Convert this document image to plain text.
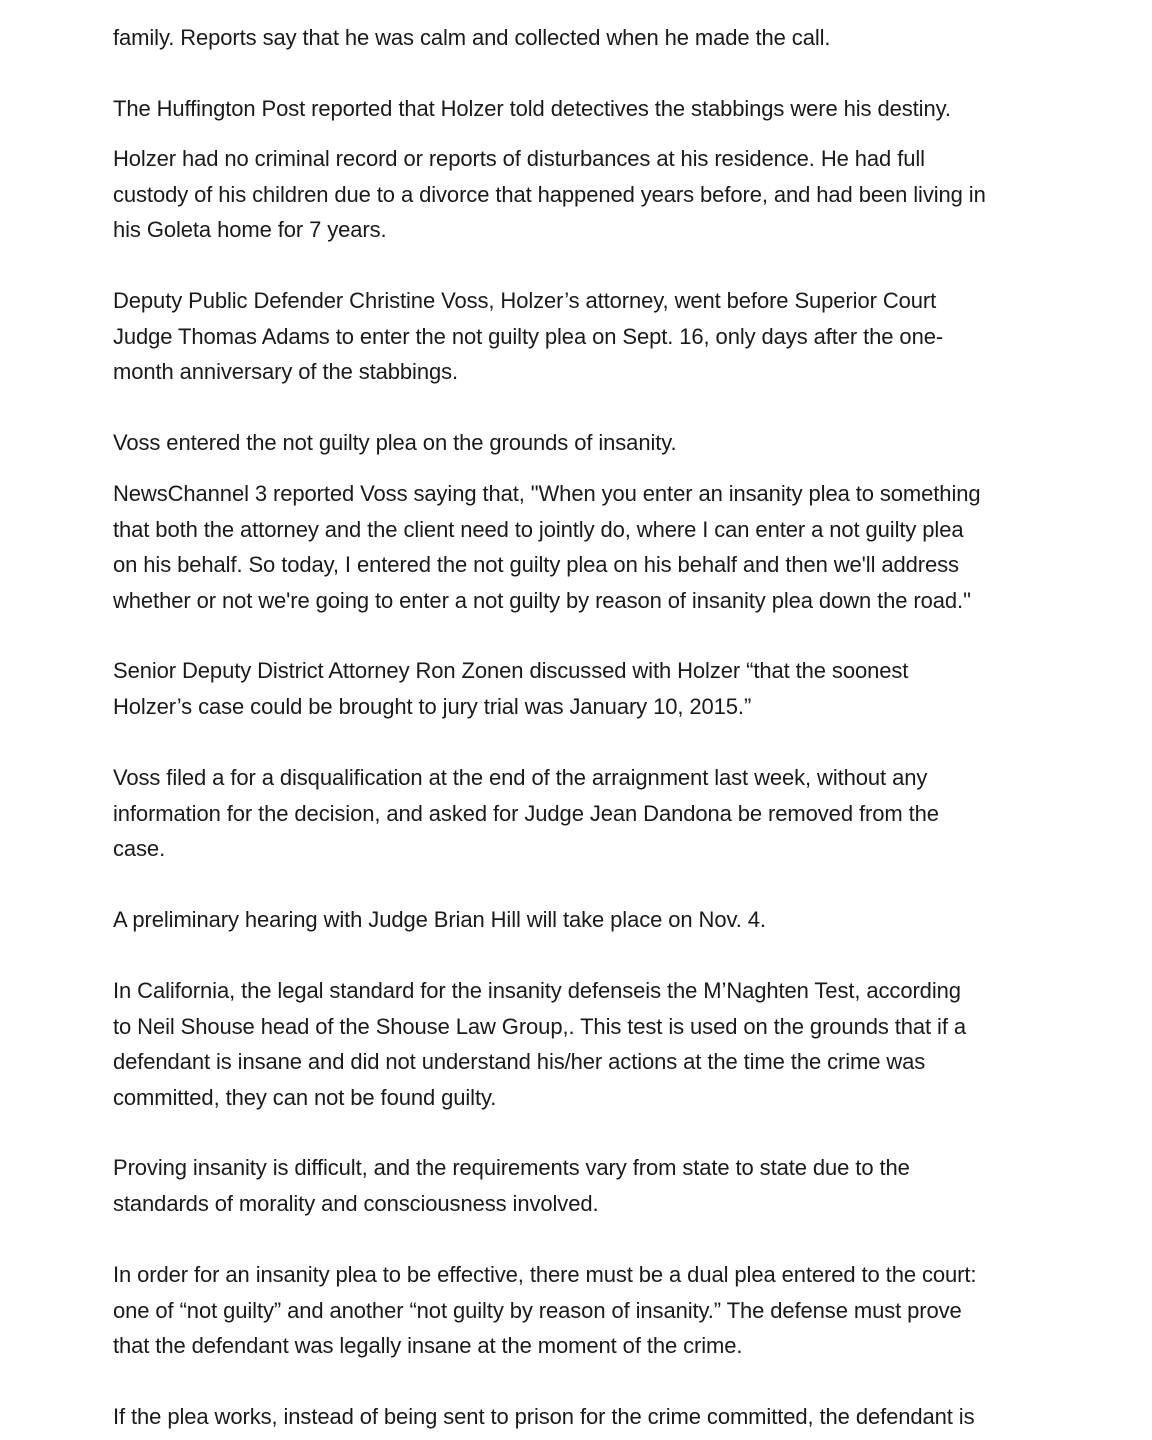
family. Reports say that he was calm and collected when he made the call.

The Huffington Post reported that Holzer told detectives the stabbings were his destiny.

Holzer had no criminal record or reports of disturbances at his residence. He had full
custody of his children due to a divorce that happened years before, and had been living in
his Goleta home for 7 years.

Deputy Public Defender Christine Voss, Holzer’s attorney, went before Superior Court
Judge Thomas Adams to enter the not guilty plea on Sept. 16, only days after the one-
month anniversary of the stabbings.

Voss entered the not guilty plea on the grounds of insanity.

NewsChannel 3 reported Voss saying that, "When you enter an insanity plea to something
that both the attorney and the client need to jointly do, where I can enter a not guilty plea
on his behalf. So today, I entered the not guilty plea on his behalf and then we'll address
whether or not we're going to enter a not guilty by reason of insanity plea down the road."

Senior Deputy District Attorney Ron Zonen discussed with Holzer “that the soonest
Holzer’s case could be brought to jury trial was January 10, 2015.”

Voss filed a for a disqualification at the end of the arraignment last week, without any
information for the decision, and asked for Judge Jean Dandona be removed from the
case.

A preliminary hearing with Judge Brian Hill will take place on Nov. 4.

In California, the legal standard for the insanity defenseis the M’Naghten Test, according
to Neil Shouse head of the Shouse Law Group,. This test is used on the grounds that if a
defendant is insane and did not understand his/her actions at the time the crime was
committed, they can not be found guilty.

Proving insanity is difficult, and the requirements vary from state to state due to the
standards of morality and consciousness involved.

In order for an insanity plea to be effective, there must be a dual plea entered to the court:
one of “not guilty” and another “not guilty by reason of insanity.” The defense must prove
that the defendant was legally insane at the moment of the crime.

If the plea works, instead of being sent to prison for the crime committed, the defendant is
